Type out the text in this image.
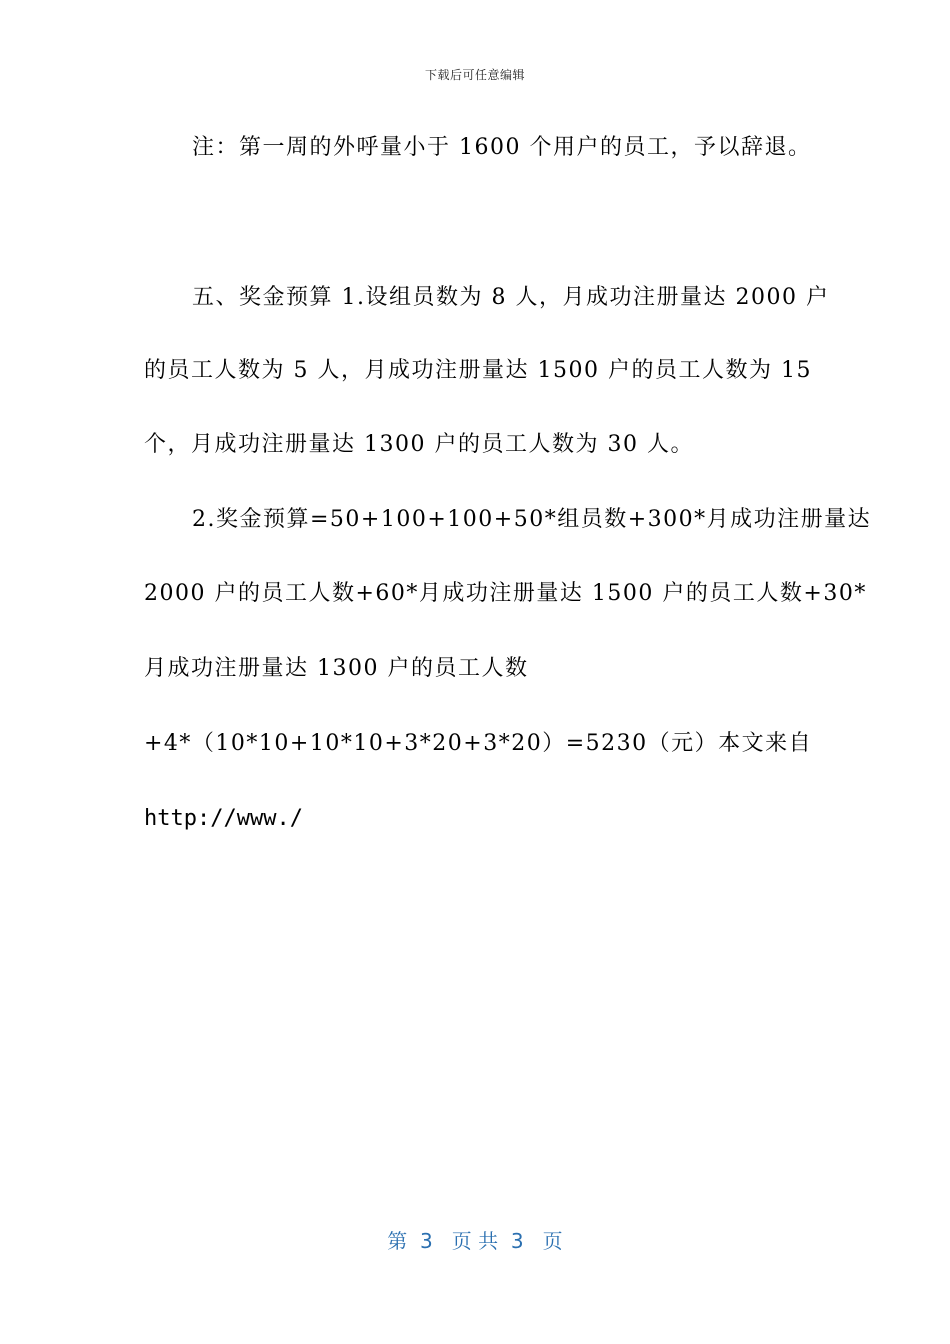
下载后可任意编辑
注：第一周的外呼量小于 1600 个用户的员工，予以辞退。
五、奖金预算 1.设组员数为 8 人，月成功注册量达 2000 户
的员工人数为 5 人，月成功注册量达 1500 户的员工人数为 15
个，月成功注册量达 1300 户的员工人数为 30 人。
2.奖金预算=50+100+100+50*组员数+300*月成功注册量达
2000 户的员工人数+60*月成功注册量达 1500 户的员工人数+30*
月成功注册量达 1300 户的员工人数
+4*（10*10+10*10+3*20+3*20）=5230（元）本文来自
http://www./
第  3   页 共  3   页
